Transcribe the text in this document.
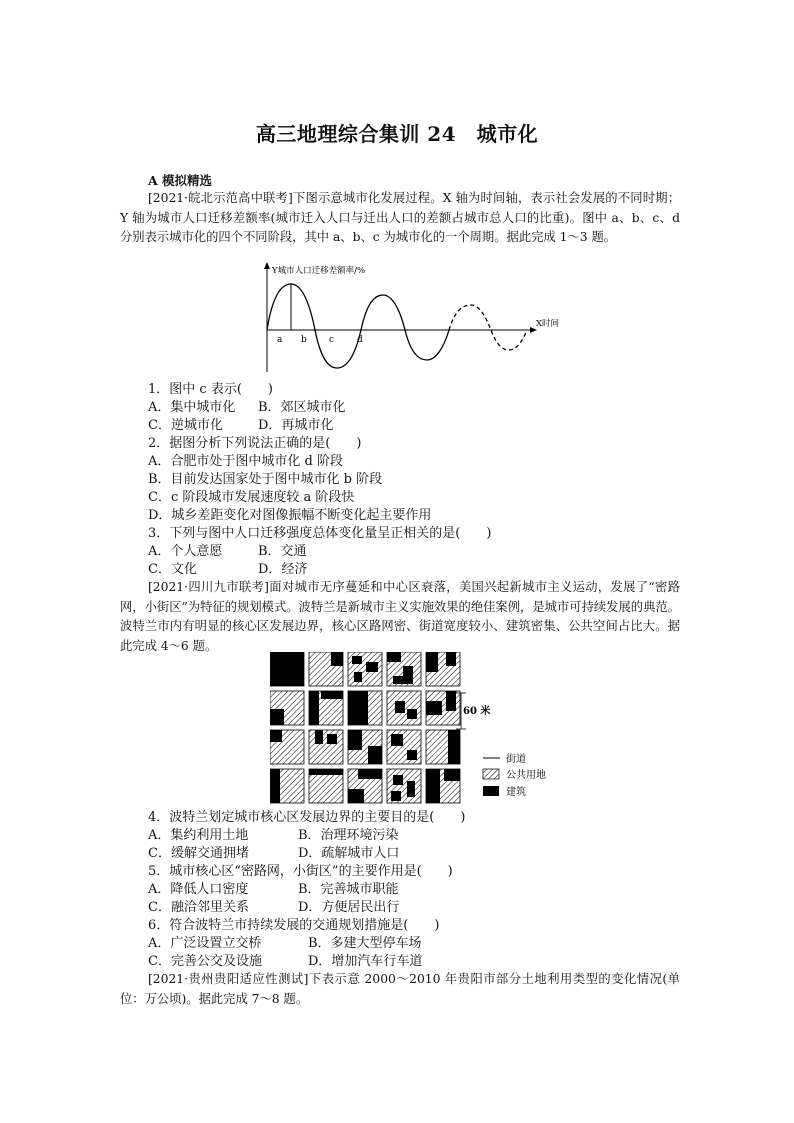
高三地理综合集训 24　城市化
A 模拟精选
[2021·皖北示范高中联考]下图示意城市化发展过程。X 轴为时间轴，表示社会发展的不同时期；Y 轴为城市人口迁移差额率(城市迁入人口与迁出人口的差额占城市总人口的比重)。图中 a、b、c、d 分别表示城市化的四个不同阶段，其中 a、b、c 为城市化的一个周期。据此完成 1～3 题。
Y城市人口迁移差额率/%
X时间
a b c	d
1．图中 c 表示(　　)
A．集中城市化 B．郊区城市化
C．逆城市化	D．再城市化
2．据图分析下列说法正确的是(　　)
A．合肥市处于图中城市化 d 阶段
B．目前发达国家处于图中城市化 b 阶段
C．c 阶段城市发展速度较 a 阶段快
D．城乡差距变化对图像振幅不断变化起主要作用
3．下列与图中人口迁移强度总体变化量呈正相关的是(　　)
A．个人意愿	B．交通
C．文化	D．经济
[2021·四川九市联考]面对城市无序蔓延和中心区衰落，美国兴起新城市主义运动，发展了“密路网，小街区”为特征的规划模式。波特兰是新城市主义实施效果的绝佳案例，是城市可持续发展的典范。波特兰市内有明显的核心区发展边界，核心区路网密、街道宽度较小、建筑密集、公共空间占比大。据此完成 4～6 题。
60 米
街道
公共用地
建筑
4．波特兰划定城市核心区发展边界的主要目的是(　　)
A．集约利用土地	B．治理环境污染
C．缓解交通拥堵	D．疏解城市人口
5．城市核心区“密路网，小街区”的主要作用是(　　)
A．降低人口密度	B．完善城市职能
C．融洽邻里关系	D．方便居民出行
6．符合波特兰市持续发展的交通规划措施是(　　)
A．广泛设置立交桥	B．多建大型停车场
C．完善公交及设施	D．增加汽车行车道
[2021·贵州贵阳适应性测试]下表示意 2000～2010 年贵阳市部分土地利用类型的变化情况(单位：万公顷)。据此完成 7～8 题。
